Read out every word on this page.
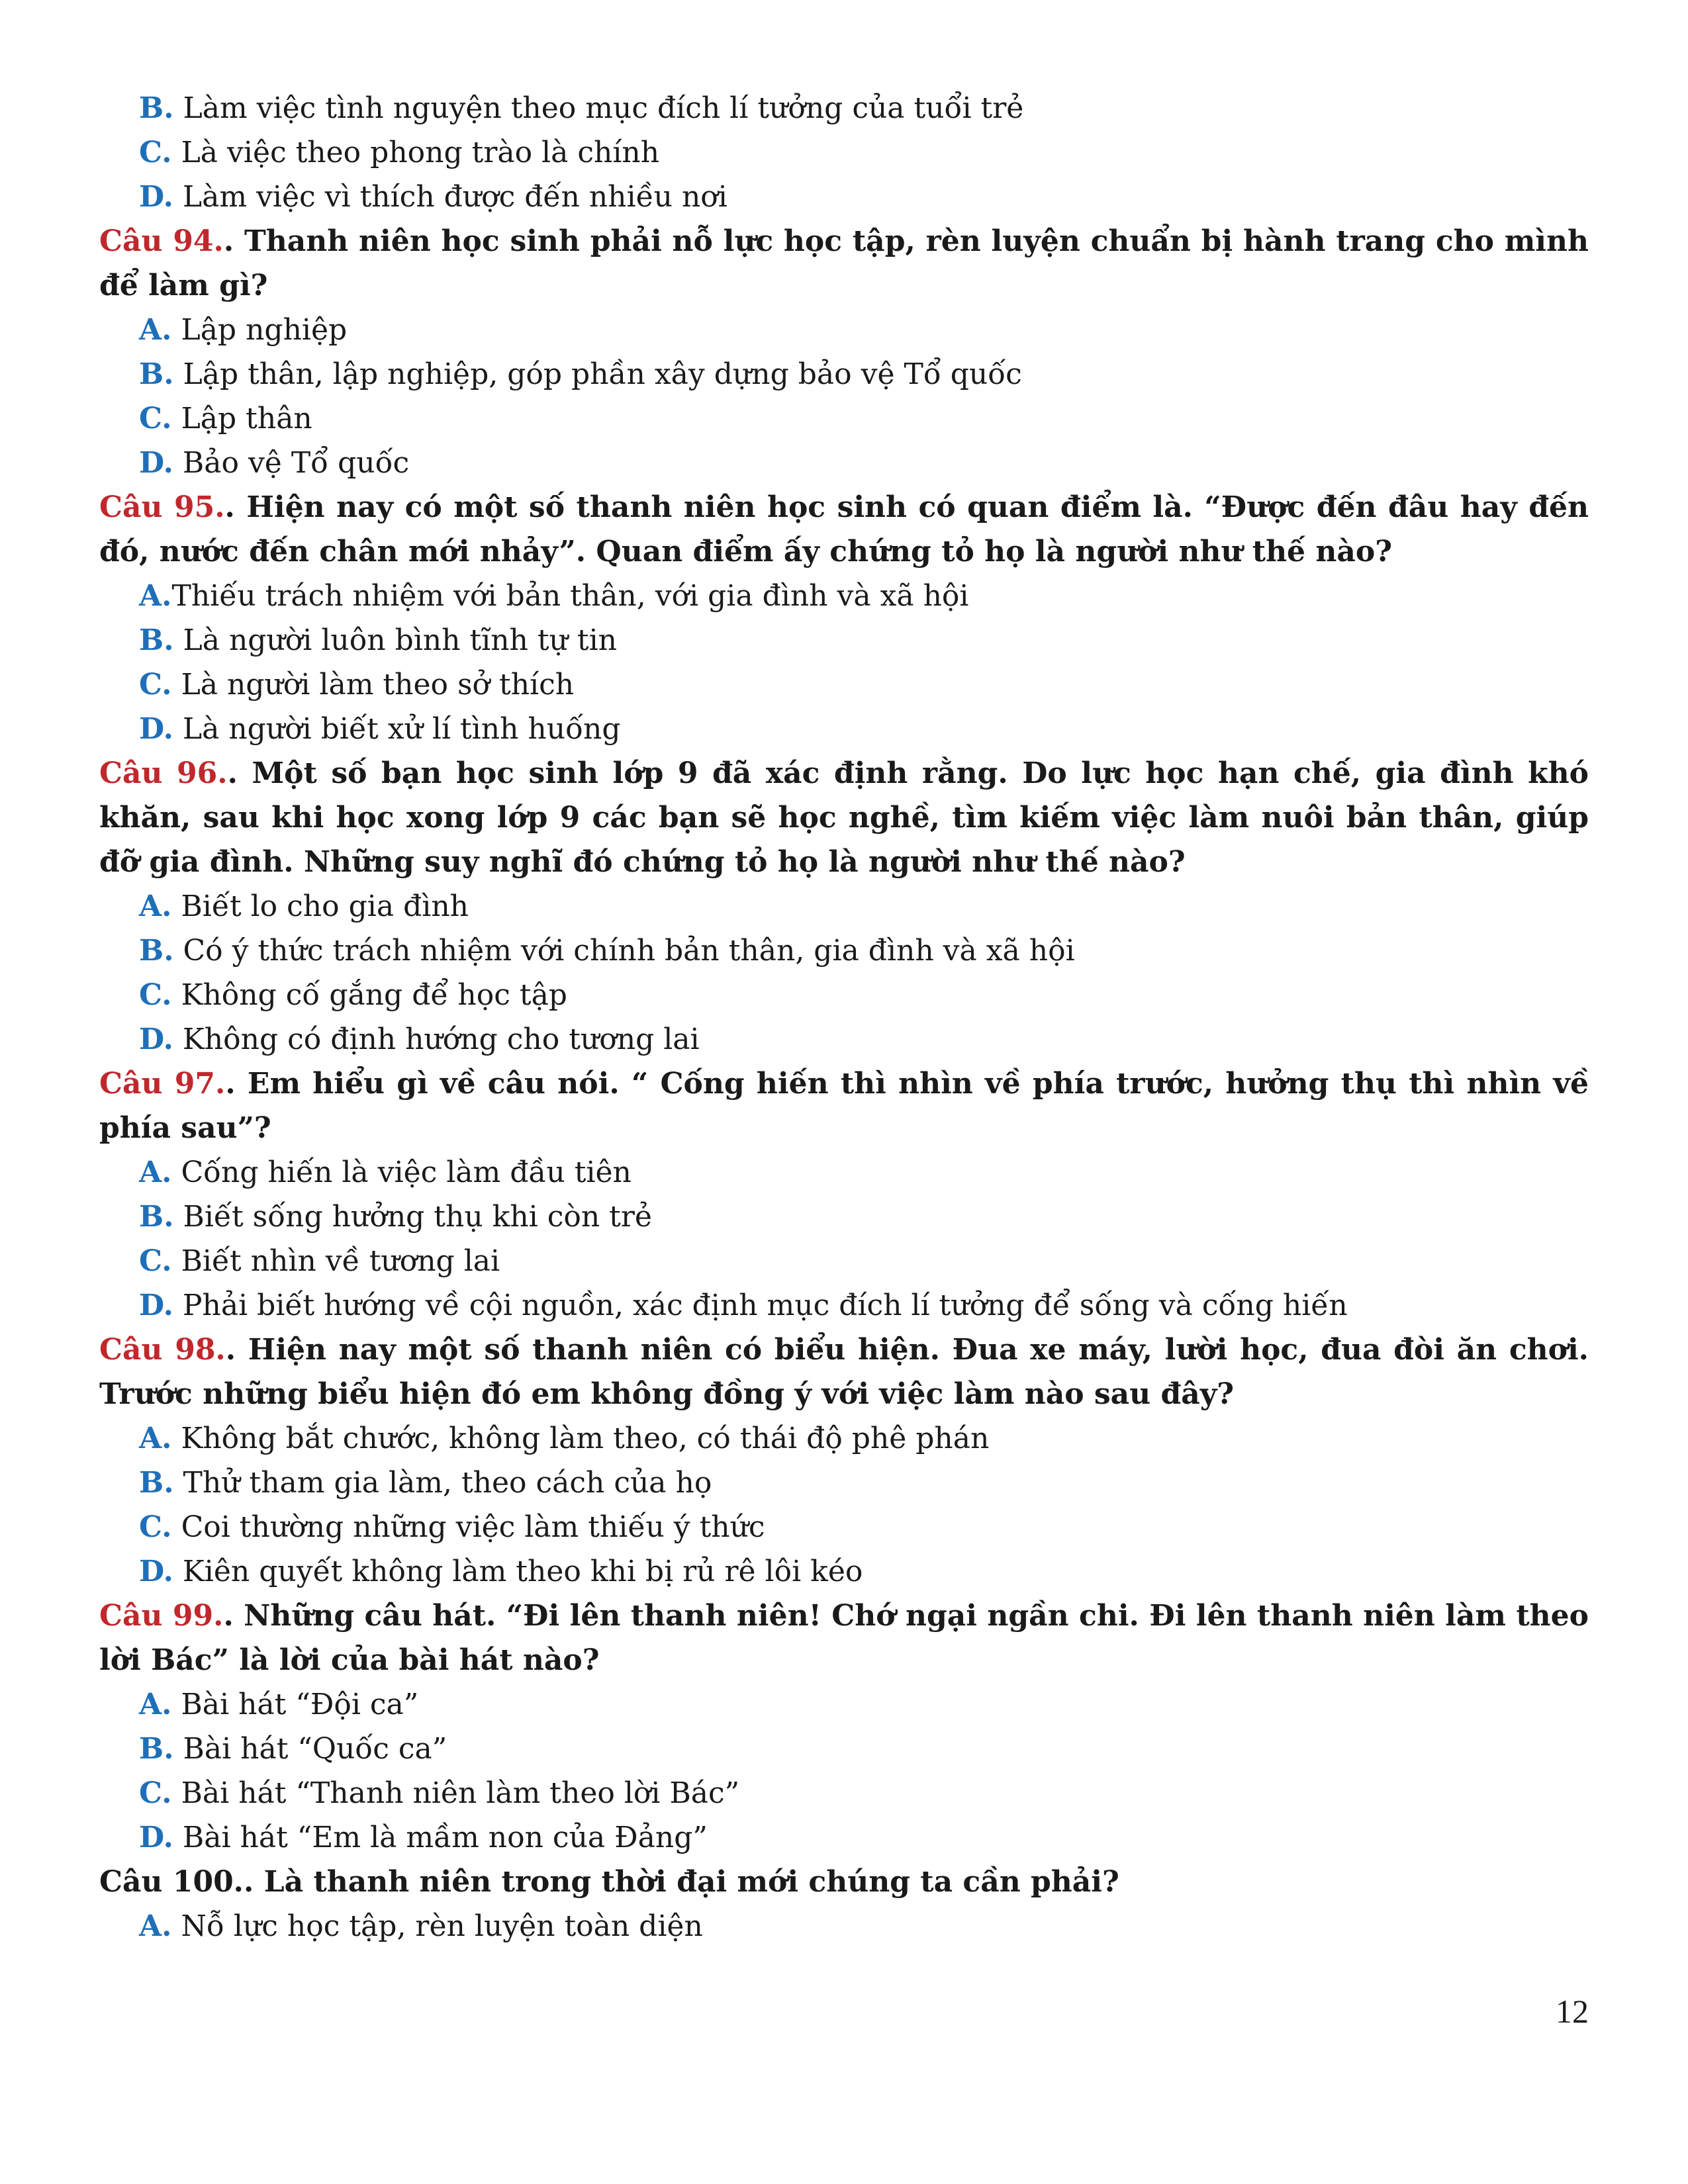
B. Làm việc tình nguyện theo mục đích lí tưởng của tuổi trẻ
C. Là việc theo phong trào là chính
D. Làm việc vì thích được đến nhiều nơi
Câu 94.. Thanh niên học sinh phải nỗ lực học tập, rèn luyện chuẩn bị hành trang cho mình để làm gì?
A. Lập nghiệp
B. Lập thân, lập nghiệp, góp phần xây dựng bảo vệ Tổ quốc
C. Lập thân
D. Bảo vệ Tổ quốc
Câu 95.. Hiện nay có một số thanh niên học sinh có quan điểm là. “Được đến đâu hay đến đó, nước đến chân mới nhảy”. Quan điểm ấy chứng tỏ họ là người như thế nào?
A.Thiếu trách nhiệm với bản thân, với gia đình và xã hội
B. Là người luôn bình tĩnh tự tin
C. Là người làm theo sở thích
D. Là người biết xử lí tình huống
Câu 96.. Một số bạn học sinh lớp 9 đã xác định rằng. Do lực học hạn chế, gia đình khó khăn, sau khi học xong lớp 9 các bạn sẽ học nghề, tìm kiếm việc làm nuôi bản thân, giúp đỡ gia đình. Những suy nghĩ đó chứng tỏ họ là người như thế nào?
A. Biết lo cho gia đình
B. Có ý thức trách nhiệm với chính bản thân, gia đình và xã hội
C. Không cố gắng để học tập
D. Không có định hướng cho tương lai
Câu 97.. Em hiểu gì về câu nói. “ Cống hiến thì nhìn về phía trước, hưởng thụ thì nhìn về phía sau”?
A. Cống hiến là việc làm đầu tiên
B. Biết sống hưởng thụ khi còn trẻ
C. Biết nhìn về tương lai
D. Phải biết hướng về cội nguồn, xác định mục đích lí tưởng để sống và cống hiến
Câu 98.. Hiện nay một số thanh niên có biểu hiện. Đua xe máy, lười học, đua đòi ăn chơi. Trước những biểu hiện đó em không đồng ý với việc làm nào sau đây?
A. Không bắt chước, không làm theo, có thái độ phê phán
B. Thử tham gia làm, theo cách của họ
C. Coi thường những việc làm thiếu ý thức
D. Kiên quyết không làm theo khi bị rủ rê lôi kéo
Câu 99.. Những câu hát. “Đi lên thanh niên! Chớ ngại ngần chi. Đi lên thanh niên làm theo lời Bác” là lời của bài hát nào?
A. Bài hát “Đội ca”
B. Bài hát “Quốc ca”
C. Bài hát “Thanh niên làm theo lời Bác”
D. Bài hát “Em là mầm non của Đảng”
Câu 100.. Là thanh niên trong thời đại mới chúng ta cần phải?
A. Nỗ lực học tập, rèn luyện toàn diện
12
